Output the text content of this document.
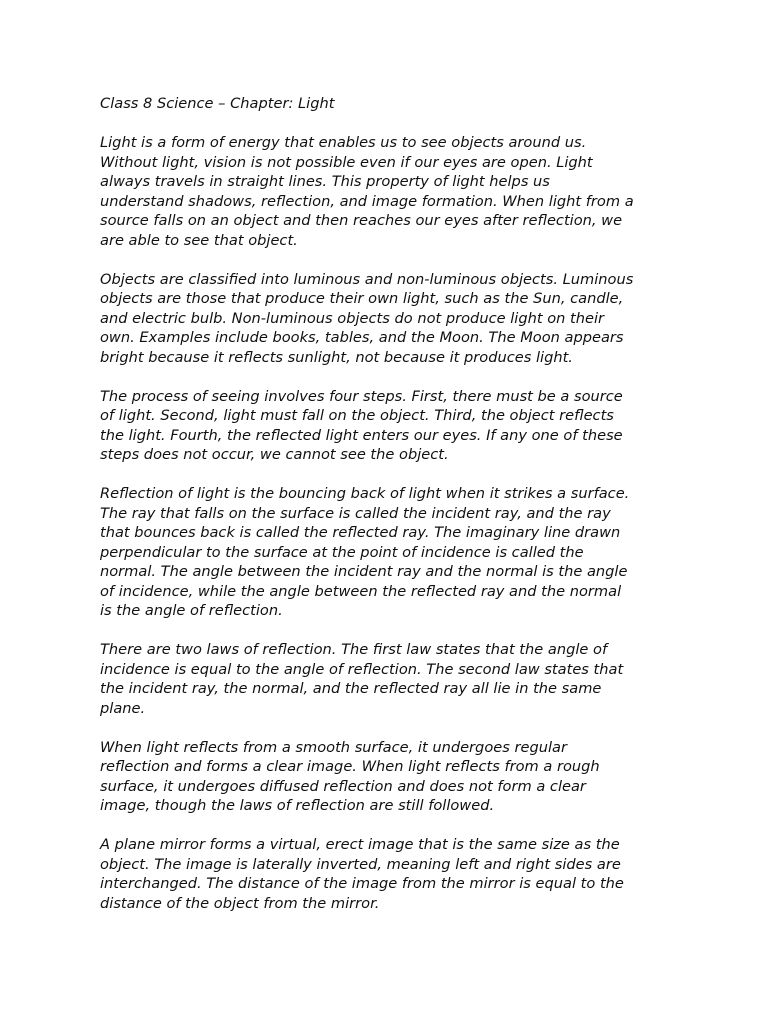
Class 8 Science – Chapter: Light
Light is a form of energy that enables us to see objects around us.
Without light, vision is not possible even if our eyes are open. Light
always travels in straight lines. This property of light helps us
understand shadows, reflection, and image formation. When light from a
source falls on an object and then reaches our eyes after reflection, we
are able to see that object.
Objects are classified into luminous and non-luminous objects. Luminous
objects are those that produce their own light, such as the Sun, candle,
and electric bulb. Non-luminous objects do not produce light on their
own. Examples include books, tables, and the Moon. The Moon appears
bright because it reflects sunlight, not because it produces light.
The process of seeing involves four steps. First, there must be a source
of light. Second, light must fall on the object. Third, the object reflects
the light. Fourth, the reflected light enters our eyes. If any one of these
steps does not occur, we cannot see the object.
Reflection of light is the bouncing back of light when it strikes a surface.
The ray that falls on the surface is called the incident ray, and the ray
that bounces back is called the reflected ray. The imaginary line drawn
perpendicular to the surface at the point of incidence is called the
normal. The angle between the incident ray and the normal is the angle
of incidence, while the angle between the reflected ray and the normal
is the angle of reflection.
There are two laws of reflection. The first law states that the angle of
incidence is equal to the angle of reflection. The second law states that
the incident ray, the normal, and the reflected ray all lie in the same
plane.
When light reflects from a smooth surface, it undergoes regular
reflection and forms a clear image. When light reflects from a rough
surface, it undergoes diffused reflection and does not form a clear
image, though the laws of reflection are still followed.
A plane mirror forms a virtual, erect image that is the same size as the
object. The image is laterally inverted, meaning left and right sides are
interchanged. The distance of the image from the mirror is equal to the
distance of the object from the mirror.
